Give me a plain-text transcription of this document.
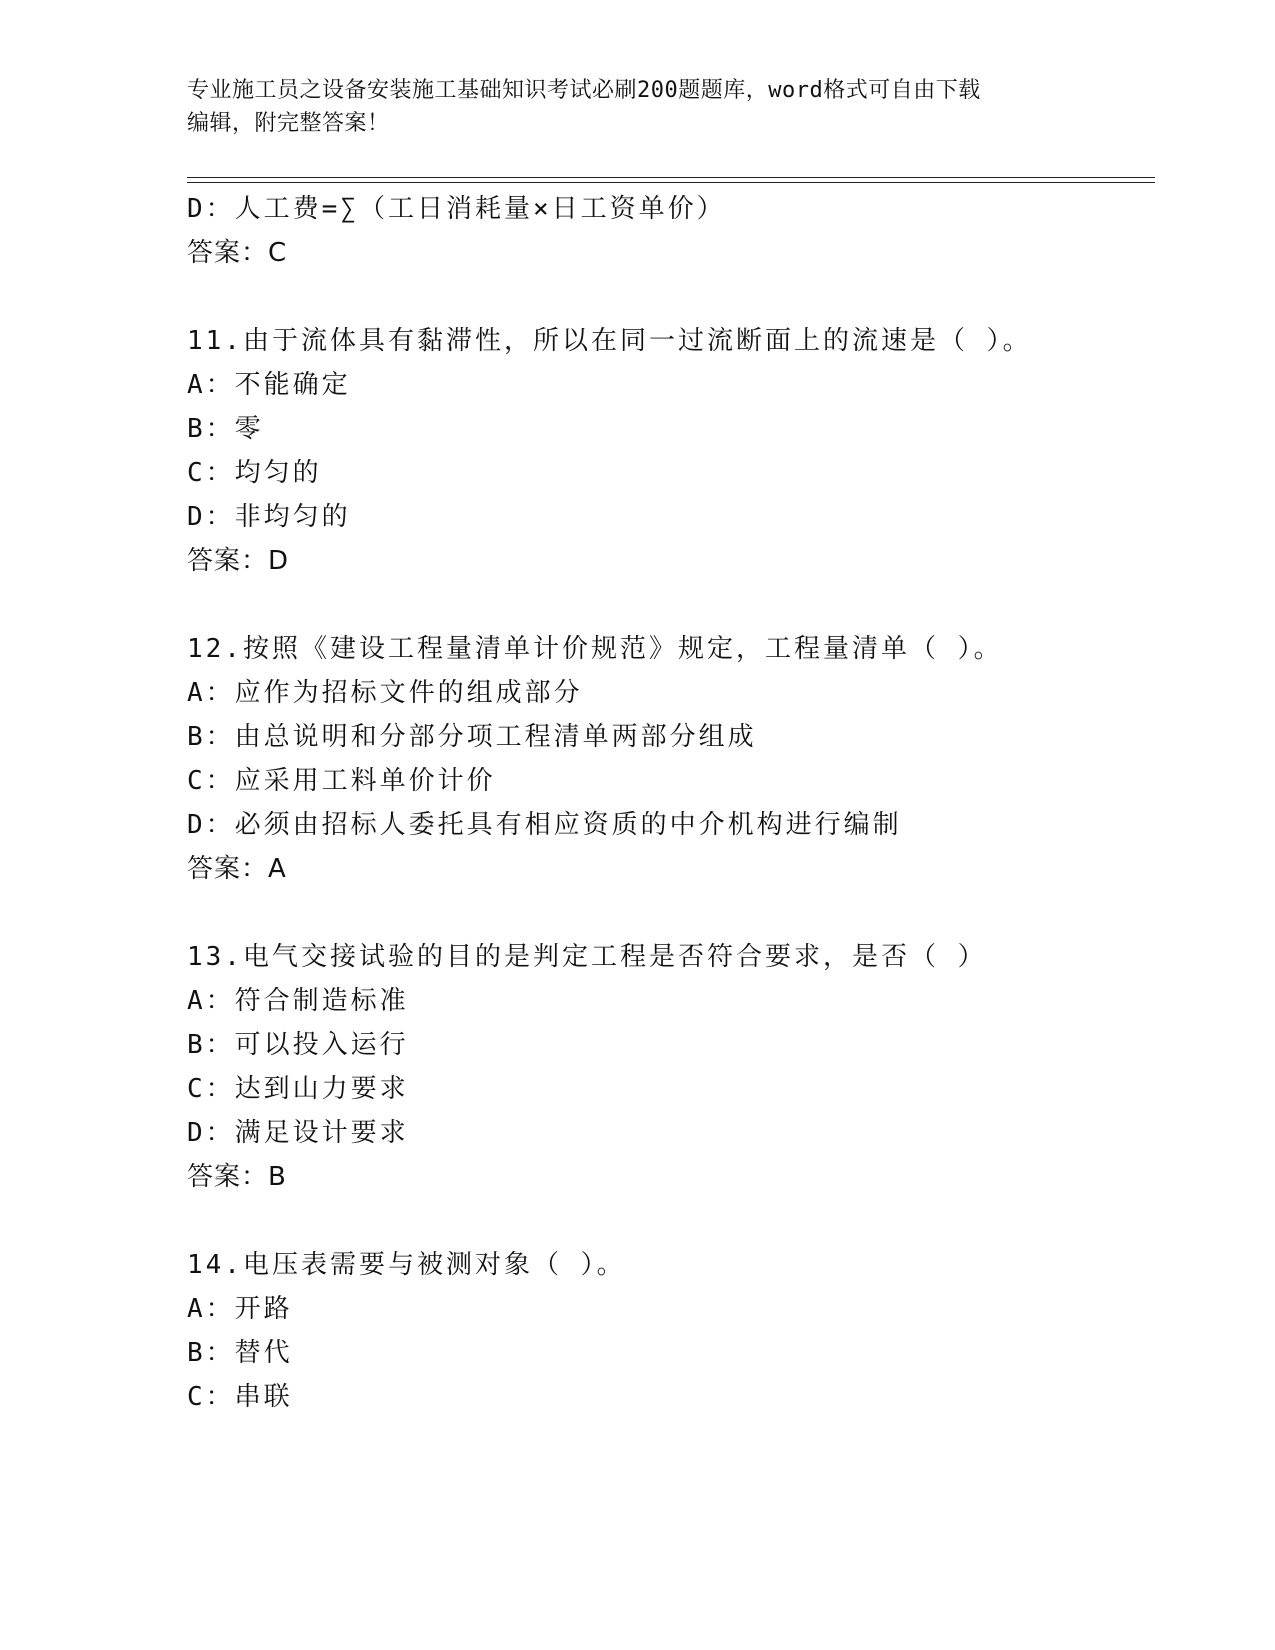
专业施工员之设备安装施工基础知识考试必刷200题题库，word格式可自由下载
编辑，附完整答案！
D：人工费=∑（工日消耗量×日工资单价）
答案：C
11.由于流体具有黏滞性，所以在同一过流断面上的流速是（ ）。
A：不能确定
B：零
C：均匀的
D：非均匀的
答案：D
12.按照《建设工程量清单计价规范》规定，工程量清单（ ）。
A：应作为招标文件的组成部分
B：由总说明和分部分项工程清单两部分组成
C：应采用工料单价计价
D：必须由招标人委托具有相应资质的中介机构进行编制
答案：A
13.电气交接试验的目的是判定工程是否符合要求，是否（ ）
A：符合制造标准
B：可以投入运行
C：达到山力要求
D：满足设计要求
答案：B
14.电压表需要与被测对象（ ）。
A：开路
B：替代
C：串联
